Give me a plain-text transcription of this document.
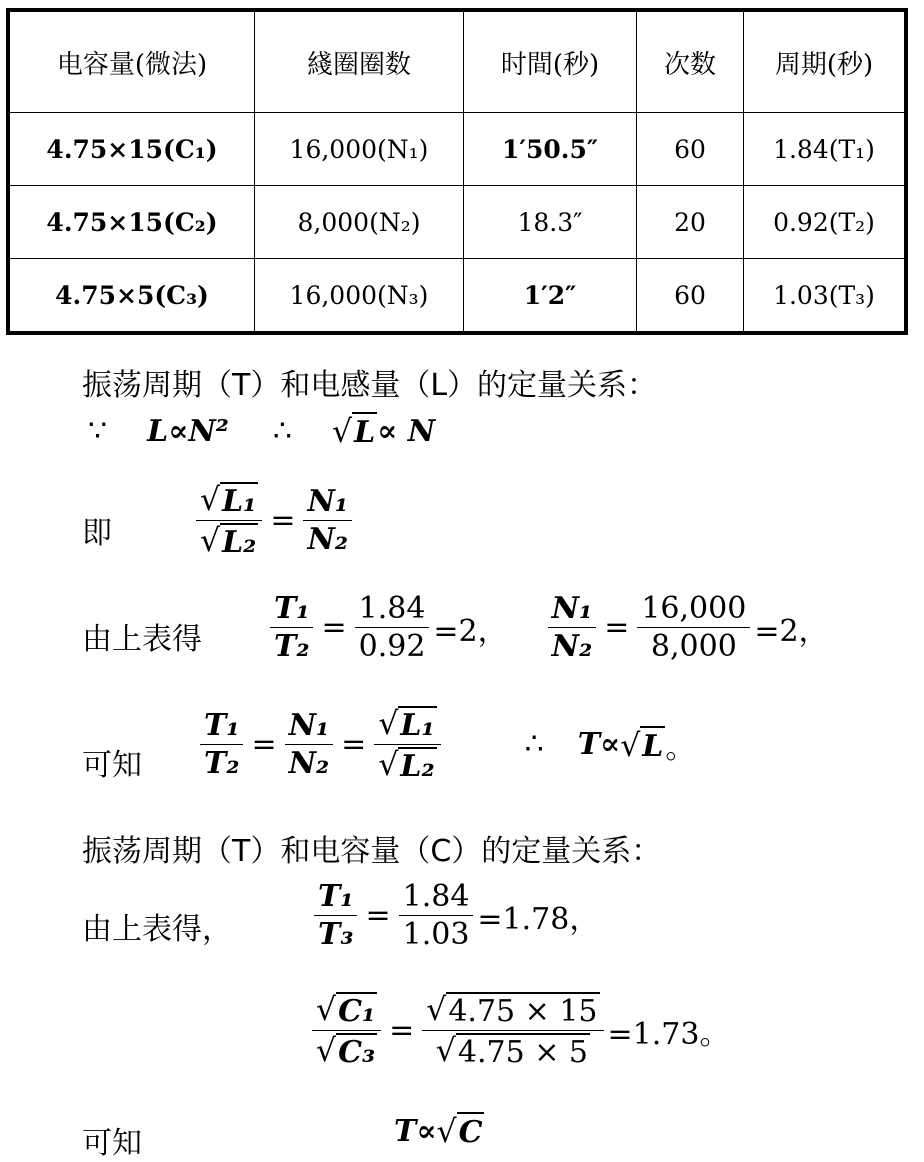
电容量(微法)	綫圈圈数	时間(秒)	次数	周期(秒)
4.75×15(C₁)	16,000(N₁)	1′50.5″	60	1.84(T₁)
4.75×15(C₂)	8,000(N₂)	18.3″	20	0.92(T₂)
4.75×5(C₃)	16,000(N₃)	1′2″	60	1.03(T₃)
振荡周期（T）和电感量（L）的定量关系：
∵ L∝N² ∴ √ L ∝ N
即	$\frac{\text{√ L₁}}{\text{√ L₂}} = \frac{\text{N₁}}{\text{N₂}}$
由上表得 $\frac{\text{T₁}}{\text{T₂}} = \frac{1.84}{0.92} =2$， $\frac{\text{N₁}}{\text{N₂}} = \frac{16,000}{8,000} =2$，
可知 $\frac{\text{T₁}}{\text{T₂}} = \frac{\text{N₁}}{\text{N₂}} = \frac{\text{√ L₁}}{\text{√ L₂}}$	∴ T∝ √ L 。
振荡周期（T）和电容量（C）的定量关系：
由上表得，	$\frac{\text{T₁}}{\text{T₃}} = \frac{1.84}{1.03} =1.78$，
$\frac{\text{√ C₁}}{\text{√ C₃}} = \frac{√ 4.75 \times 15}{√ 4.75 \times 5} =1.73$。
可知	T∝ √ C
